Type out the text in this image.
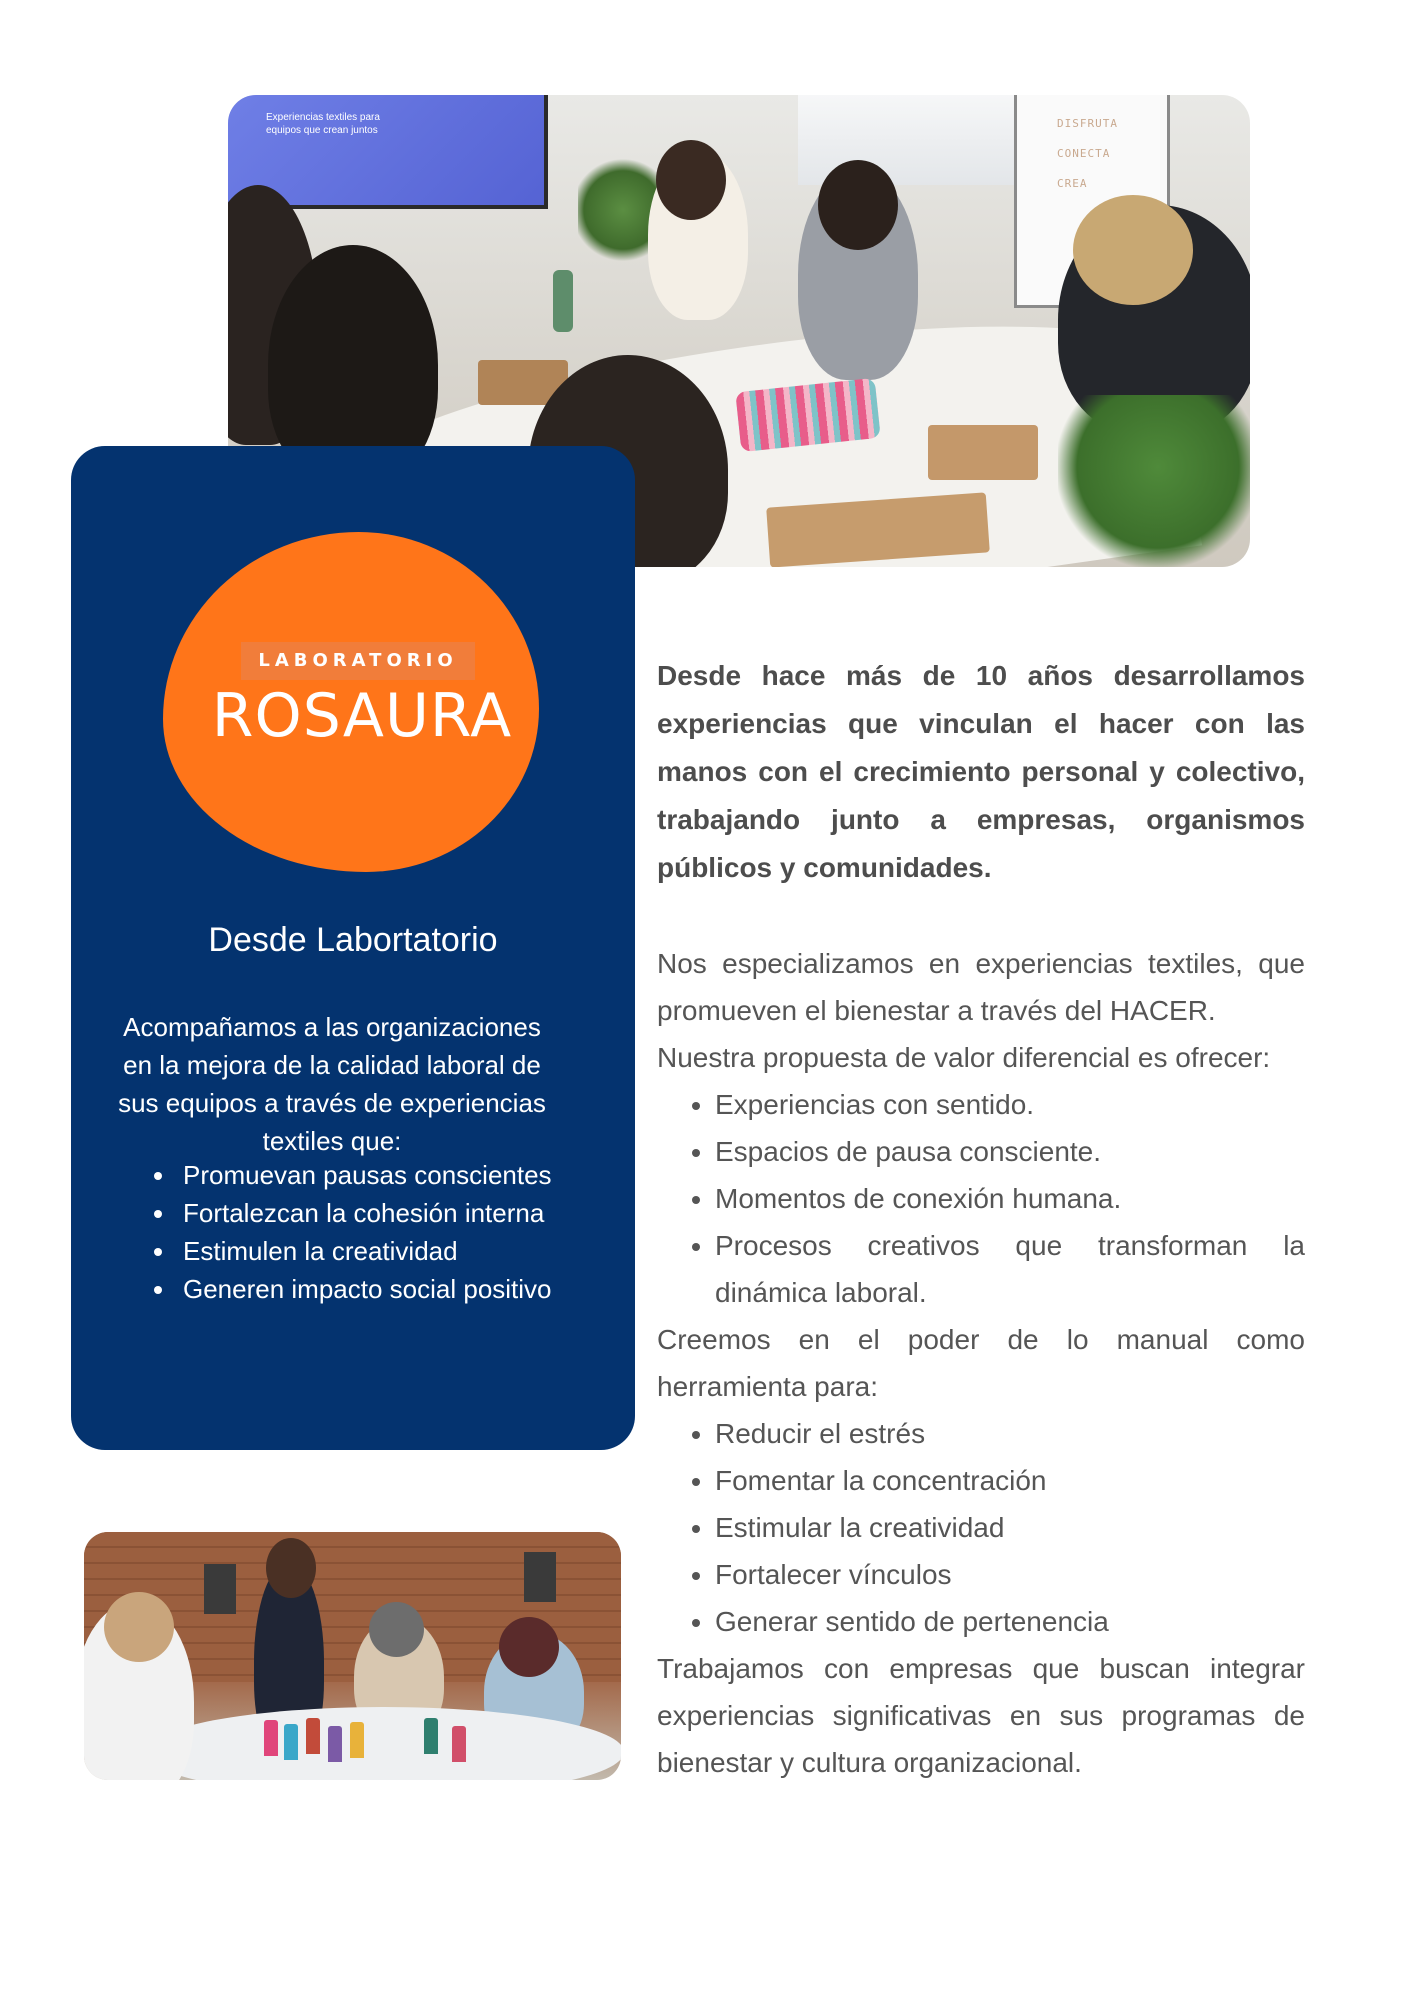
Experiencias textiles para equipos que crean juntos
DISFRUTA
CONECTA
CREA
LABORATORIO
ROSAURA
Desde Labortatorio
Acompañamos a las organizaciones en la mejora de la calidad laboral de sus equipos a través de experiencias textiles que:
• Promuevan pausas conscientes
• Fortalezcan la cohesión interna
• Estimulen la creatividad
• Generen impacto social positivo

Desde hace más de 10 años desarrollamos experiencias que vinculan el hacer con las manos con el crecimiento personal y colectivo, trabajando junto a empresas, organismos públicos y comunidades.

Nos especializamos en experiencias textiles, que promueven el bienestar a través del HACER.

Nuestra propuesta de valor diferencial es ofrecer:

• Experiencias con sentido.
• Espacios de pausa consciente.
• Momentos de conexión humana.
• Procesos creativos que transforman la dinámica laboral.

Creemos en el poder de lo manual como herramienta para:

• Reducir el estrés
• Fomentar la concentración
• Estimular la creatividad
• Fortalecer vínculos
• Generar sentido de pertenencia

Trabajamos con empresas que buscan integrar experiencias significativas en sus programas de bienestar y cultura organizacional.
